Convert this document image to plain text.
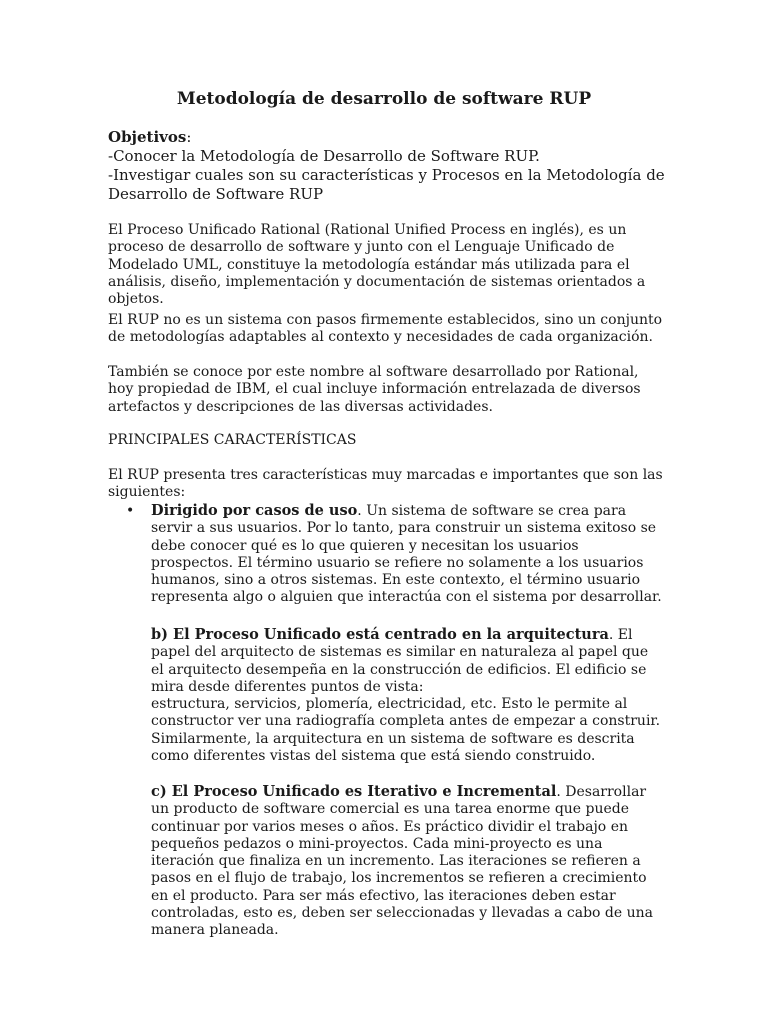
Metodología de desarrollo de software RUP

Objetivos:

-Conocer la Metodología de Desarrollo de Software RUP.

-Investigar cuales son su características y Procesos en la Metodología de Desarrollo de Software RUP

El Proceso Unificado Rational (Rational Unified Process en inglés), es un proceso de desarrollo de software y junto con el Lenguaje Unificado de Modelado UML, constituye la metodología estándar más utilizada para el análisis, diseño, implementación y documentación de sistemas orientados a objetos.

El RUP no es un sistema con pasos firmemente establecidos, sino un conjunto de metodologías adaptables al contexto y necesidades de cada organización.

También se conoce por este nombre al software desarrollado por Rational, hoy propiedad de IBM, el cual incluye información entrelazada de diversos artefactos y descripciones de las diversas actividades.

PRINCIPALES CARACTERÍSTICAS

El RUP presenta tres características muy marcadas e importantes que son las siguientes:

• Dirigido por casos de uso. Un sistema de software se crea para servir a sus usuarios. Por lo tanto, para construir un sistema exitoso se debe conocer qué es lo que quieren y necesitan los usuarios prospectos. El término usuario se refiere no solamente a los usuarios humanos, sino a otros sistemas. En este contexto, el término usuario representa algo o alguien que interactúa con el sistema por desarrollar.

b) El Proceso Unificado está centrado en la arquitectura. El papel del arquitecto de sistemas es similar en naturaleza al papel que el arquitecto desempeña en la construcción de edificios. El edificio se mira desde diferentes puntos de vista:

estructura, servicios, plomería, electricidad, etc. Esto le permite al constructor ver una radiografía completa antes de empezar a construir. Similarmente, la arquitectura en un sistema de software es descrita como diferentes vistas del sistema que está siendo construido.

c) El Proceso Unificado es Iterativo e Incremental. Desarrollar un producto de software comercial es una tarea enorme que puede continuar por varios meses o años. Es práctico dividir el trabajo en pequeños pedazos o mini-proyectos. Cada mini-proyecto es una iteración que finaliza en un incremento. Las iteraciones se refieren a pasos en el flujo de trabajo, los incrementos se refieren a crecimiento en el producto. Para ser más efectivo, las iteraciones deben estar controladas, esto es, deben ser seleccionadas y llevadas a cabo de una manera planeada.
